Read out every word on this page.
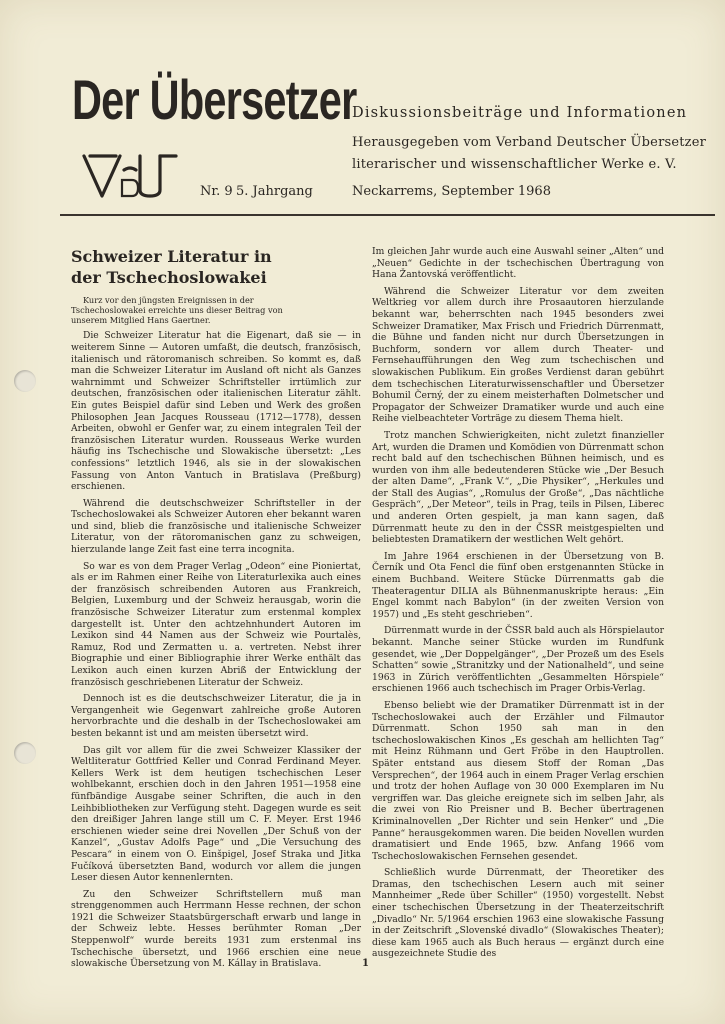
Der Übersetzer
Diskussionsbeiträge und Informationen
Herausgegeben vom Verband Deutscher Übersetzer
literarischer und wissenschaftlicher Werke e. V.
Nr. 9 5. Jahrgang	Neckarrems, September 1968
Schweizer Literatur in der Tschechoslowakei

Kurz vor den jüngsten Ereignissen in der Tschechoslowakei erreichte uns dieser Beitrag von unserem Mitglied Hans Gaertner.

Die Schweizer Literatur hat die Eigenart, daß sie — in weiterem Sinne — Autoren umfaßt, die deutsch, französisch, italienisch und rätoromanisch schreiben. So kommt es, daß man die Schweizer Literatur im Ausland oft nicht als Ganzes wahrnimmt und Schweizer Schriftsteller irrtümlich zur deutschen, französischen oder italienischen Literatur zählt. Ein gutes Beispiel dafür sind Leben und Werk des großen Philosophen Jean Jacques Rousseau (1712—1778), dessen Arbeiten, obwohl er Genfer war, zu einem integralen Teil der französischen Literatur wurden. Rousseaus Werke wurden häufig ins Tschechische und Slowakische übersetzt: „Les confessions“ letztlich 1946, als sie in der slowakischen Fassung von Anton Vantuch in Bratislava (Preßburg) erschienen.

Während die deutschschweizer Schriftsteller in der Tschechoslowakei als Schweizer Autoren eher bekannt waren und sind, blieb die französische und italienische Schweizer Literatur, von der rätoromanischen ganz zu schweigen, hierzulande lange Zeit fast eine terra incognita.

So war es von dem Prager Verlag „Odeon“ eine Pioniertat, als er im Rahmen einer Reihe von Literaturlexika auch eines der französisch schreibenden Autoren aus Frankreich, Belgien, Luxemburg und der Schweiz herausgab, worin die französische Schweizer Literatur zum erstenmal komplex dargestellt ist. Unter den achtzehnhundert Autoren im Lexikon sind 44 Namen aus der Schweiz wie Pourtalès, Ramuz, Rod und Zermatten u. a. vertreten. Nebst ihrer Biographie und einer Bibliographie ihrer Werke enthält das Lexikon auch einen kurzen Abriß der Entwicklung der französisch geschriebenen Literatur der Schweiz.

Dennoch ist es die deutschschweizer Literatur, die ja in Vergangenheit wie Gegenwart zahlreiche große Autoren hervorbrachte und die deshalb in der Tschechoslowakei am besten bekannt ist und am meisten übersetzt wird.

Das gilt vor allem für die zwei Schweizer Klassiker der Weltliteratur Gottfried Keller und Conrad Ferdinand Meyer. Kellers Werk ist dem heutigen tschechischen Leser wohlbekannt, erschien doch in den Jahren 1951—1958 eine fünfbändige Ausgabe seiner Schriften, die auch in den Leihbibliotheken zur Verfügung steht. Dagegen wurde es seit den dreißiger Jahren lange still um C. F. Meyer. Erst 1946 erschienen wieder seine drei Novellen „Der Schuß von der Kanzel“, „Gustav Adolfs Page“ und „Die Versuchung des Pescara“ in einem von O. Einšpigel, Josef Straka und Jitka Fučíková übersetzten Band, wodurch vor allem die jungen Leser diesen Autor kennenlernten.

Zu den Schweizer Schriftstellern muß man strenggenommen auch Herrmann Hesse rechnen, der schon 1921 die Schweizer Staatsbürgerschaft erwarb und lange in der Schweiz lebte. Hesses berühmter Roman „Der Steppenwolf“ wurde bereits 1931 zum erstenmal ins Tschechische übersetzt, und 1966 erschien eine neue slowakische Übersetzung von M. Kállay in Bratislava.

Im gleichen Jahr wurde auch eine Auswahl seiner „Alten“ und „Neuen“ Gedichte in der tschechischen Übertragung von Hana Žantovská veröffentlicht.

Während die Schweizer Literatur vor dem zweiten Weltkrieg vor allem durch ihre Prosaautoren hierzulande bekannt war, beherrschten nach 1945 besonders zwei Schweizer Dramatiker, Max Frisch und Friedrich Dürrenmatt, die Bühne und fanden nicht nur durch Übersetzungen in Buchform, sondern vor allem durch Theater- und Fernsehaufführungen den Weg zum tschechischen und slowakischen Publikum. Ein großes Verdienst daran gebührt dem tschechischen Literaturwissenschaftler und Übersetzer Bohumil Černý, der zu einem meisterhaften Dolmetscher und Propagator der Schweizer Dramatiker wurde und auch eine Reihe vielbeachteter Vorträge zu diesem Thema hielt.

Trotz manchen Schwierigkeiten, nicht zuletzt finanzieller Art, wurden die Dramen und Komödien von Dürrenmatt schon recht bald auf den tschechischen Bühnen heimisch, und es wurden von ihm alle bedeutenderen Stücke wie „Der Besuch der alten Dame“, „Frank V.“, „Die Physiker“, „Herkules und der Stall des Augias“, „Romulus der Große“, „Das nächtliche Gespräch“, „Der Meteor“, teils in Prag, teils in Pilsen, Liberec und anderen Orten gespielt, ja man kann sagen, daß Dürrenmatt heute zu den in der ČSSR meistgespielten und beliebtesten Dramatikern der westlichen Welt gehört.

Im Jahre 1964 erschienen in der Übersetzung von B. Černík und Ota Fencl die fünf oben erstgenannten Stücke in einem Buchband. Weitere Stücke Dürrenmatts gab die Theateragentur DILIA als Bühnenmanuskripte heraus: „Ein Engel kommt nach Babylon“ (in der zweiten Version von 1957) und „Es steht geschrieben“.

Dürrenmatt wurde in der ČSSR bald auch als Hörspielautor bekannt. Manche seiner Stücke wurden im Rundfunk gesendet, wie „Der Doppelgänger“, „Der Prozeß um des Esels Schatten“ sowie „Stranitzky und der Nationalheld“, und seine 1963 in Zürich veröffentlichten „Gesammelten Hörspiele“ erschienen 1966 auch tschechisch im Prager Orbis-Verlag.

Ebenso beliebt wie der Dramatiker Dürrenmatt ist in der Tschechoslowakei auch der Erzähler und Filmautor Dürrenmatt. Schon 1950 sah man in den tschechoslowakischen Kinos „Es geschah am hellichten Tag“ mit Heinz Rühmann und Gert Fröbe in den Hauptrollen. Später entstand aus diesem Stoff der Roman „Das Versprechen“, der 1964 auch in einem Prager Verlag erschien und trotz der hohen Auflage von 30 000 Exemplaren im Nu vergriffen war. Das gleiche ereignete sich im selben Jahr, als die zwei von Rio Preisner und B. Becher übertragenen Kriminalnovellen „Der Richter und sein Henker“ und „Die Panne“ herausgekommen waren. Die beiden Novellen wurden dramatisiert und Ende 1965, bzw. Anfang 1966 vom Tschechoslowakischen Fernsehen gesendet.

Schließlich wurde Dürrenmatt, der Theoretiker des Dramas, den tschechischen Lesern auch mit seiner Mannheimer „Rede über Schiller“ (1950) vorgestellt. Nebst einer tschechischen Übersetzung in der Theaterzeitschrift „Divadlo“ Nr. 5/1964 erschien 1963 eine slowakische Fassung in der Zeitschrift „Slovenské divadlo“ (Slowakisches Theater); diese kam 1965 auch als Buch heraus — ergänzt durch eine ausgezeichnete Studie des

1
